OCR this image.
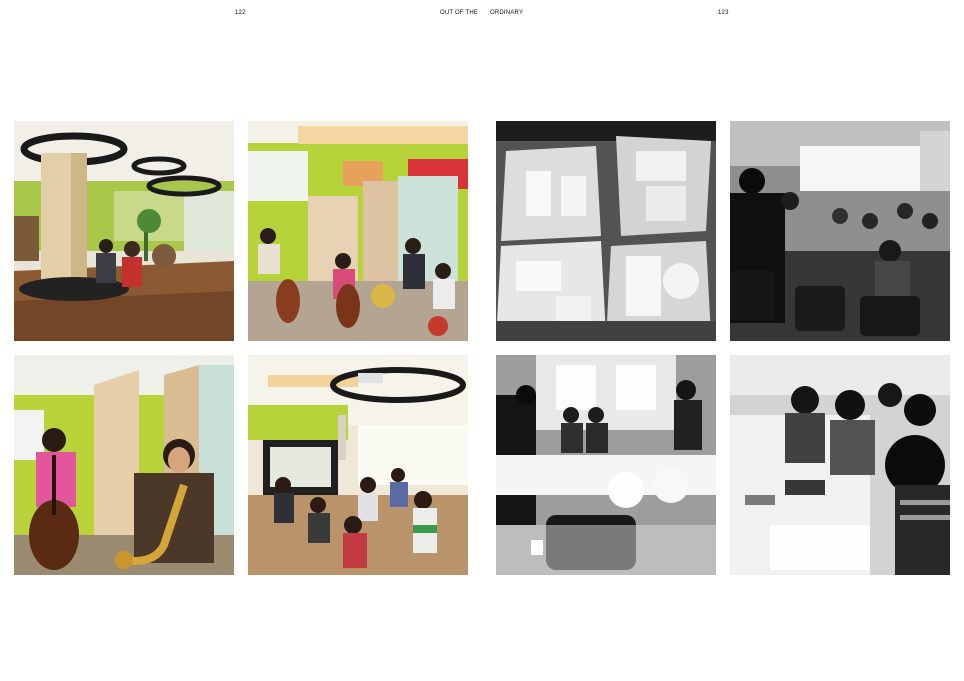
122	OUT OF THE ORDINARY	123
